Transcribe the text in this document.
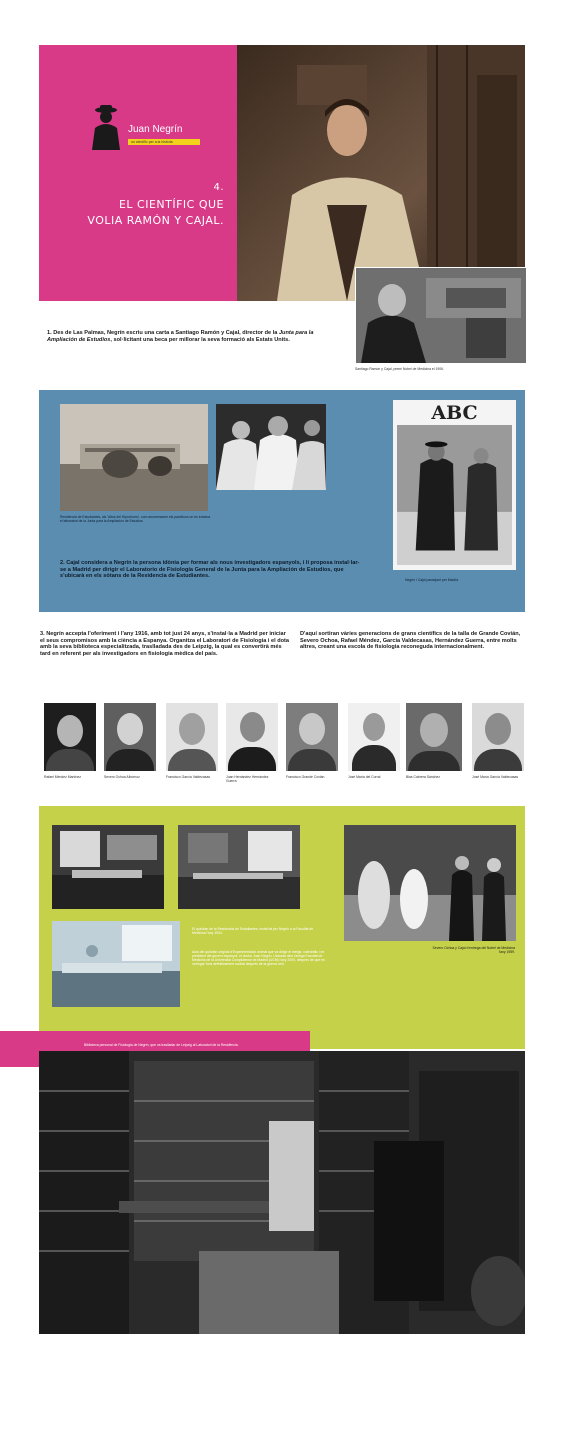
Juan Negrín
un científic per a la història
4.
EL CIENTÍFIC QUE
VOLIA RAMÓN Y CAJAL.
1. Des de Las Palmas, Negrín escriu una carta a Santiago Ramón y Cajal, director de la Junta para la Ampliación de Estudios, sol·licitant una beca per millorar la seva formació als Estats Units.
Santiago Ramón y Cajal, premi Nobel de Medicina el 1906.
Residència de Estudiantes, als 'Altos del Hipódromo', com anomenaven els pavellons on es trobava el laboratori de la Junta para la Ampliación de Estudios.
ABC
Negrín i Cajal passejant per Madrid.
2. Cajal considera a Negrín la persona idònia per formar als nous investigadors espanyols, i li proposa instal·lar-se a Madrid per dirigir el Laboratorio de Fisiología General de la Junta para la Ampliación de Estudios, que s'ubicarà en els sòtans de la Residencia de Estudiantes.
3. Negrín accepta l'oferiment i l'any 1916, amb tot just 24 anys, s'instal·la a Madrid per iniciar el seus compromisos amb la ciència a Espanya. Organitza el Laboratori de Fisiologia i el dota amb la seva biblioteca especialitzada, traslladada des de Leipzig, la qual es convertirà més tard en referent per als investigadors en fisiologia mèdica del país.
D'aquí sortiran vàries generacions de grans científics de la talla de Grande Covián, Severo Ochoa, Rafael Méndez, García Valdecasas, Hernández Guerra, entre molts altres, creant una escola de fisiologia reconeguda internacionalment.
Rafael Méndez Martínez	Severo Ochoa Albornoz	Francisco García Valdecasas	Juan Hernández Hernández Guerra
Francisco Grande Covián	José María del Corral	Blas Cabrera Sánchez	José María García Valdecasas
El quiròfan de la Residencia de Estudiantes, instal·lat per Negrín a la Facultat de Medicina l'any 1924.
Aula del quiròfan original d'Experimentació animal que va dirigir el metge, catedràtic i ex president del govern espanyol, el doctor Juan Negrín. Ubicada dins l'antiga Facultat de Medicina de la Universitat Complutense de Madrid (UCM) l'any 2000, després de que es va llegar fons definitivament ocultat després de la guerra civil.
Severo Ochoa y Cajal d'entrega del Nobel de Medicina l'any 1959.
Biblioteca personal de Fisiologia de Negrín, que va traslladar de Leipzig al Laboratori de la Residència.
